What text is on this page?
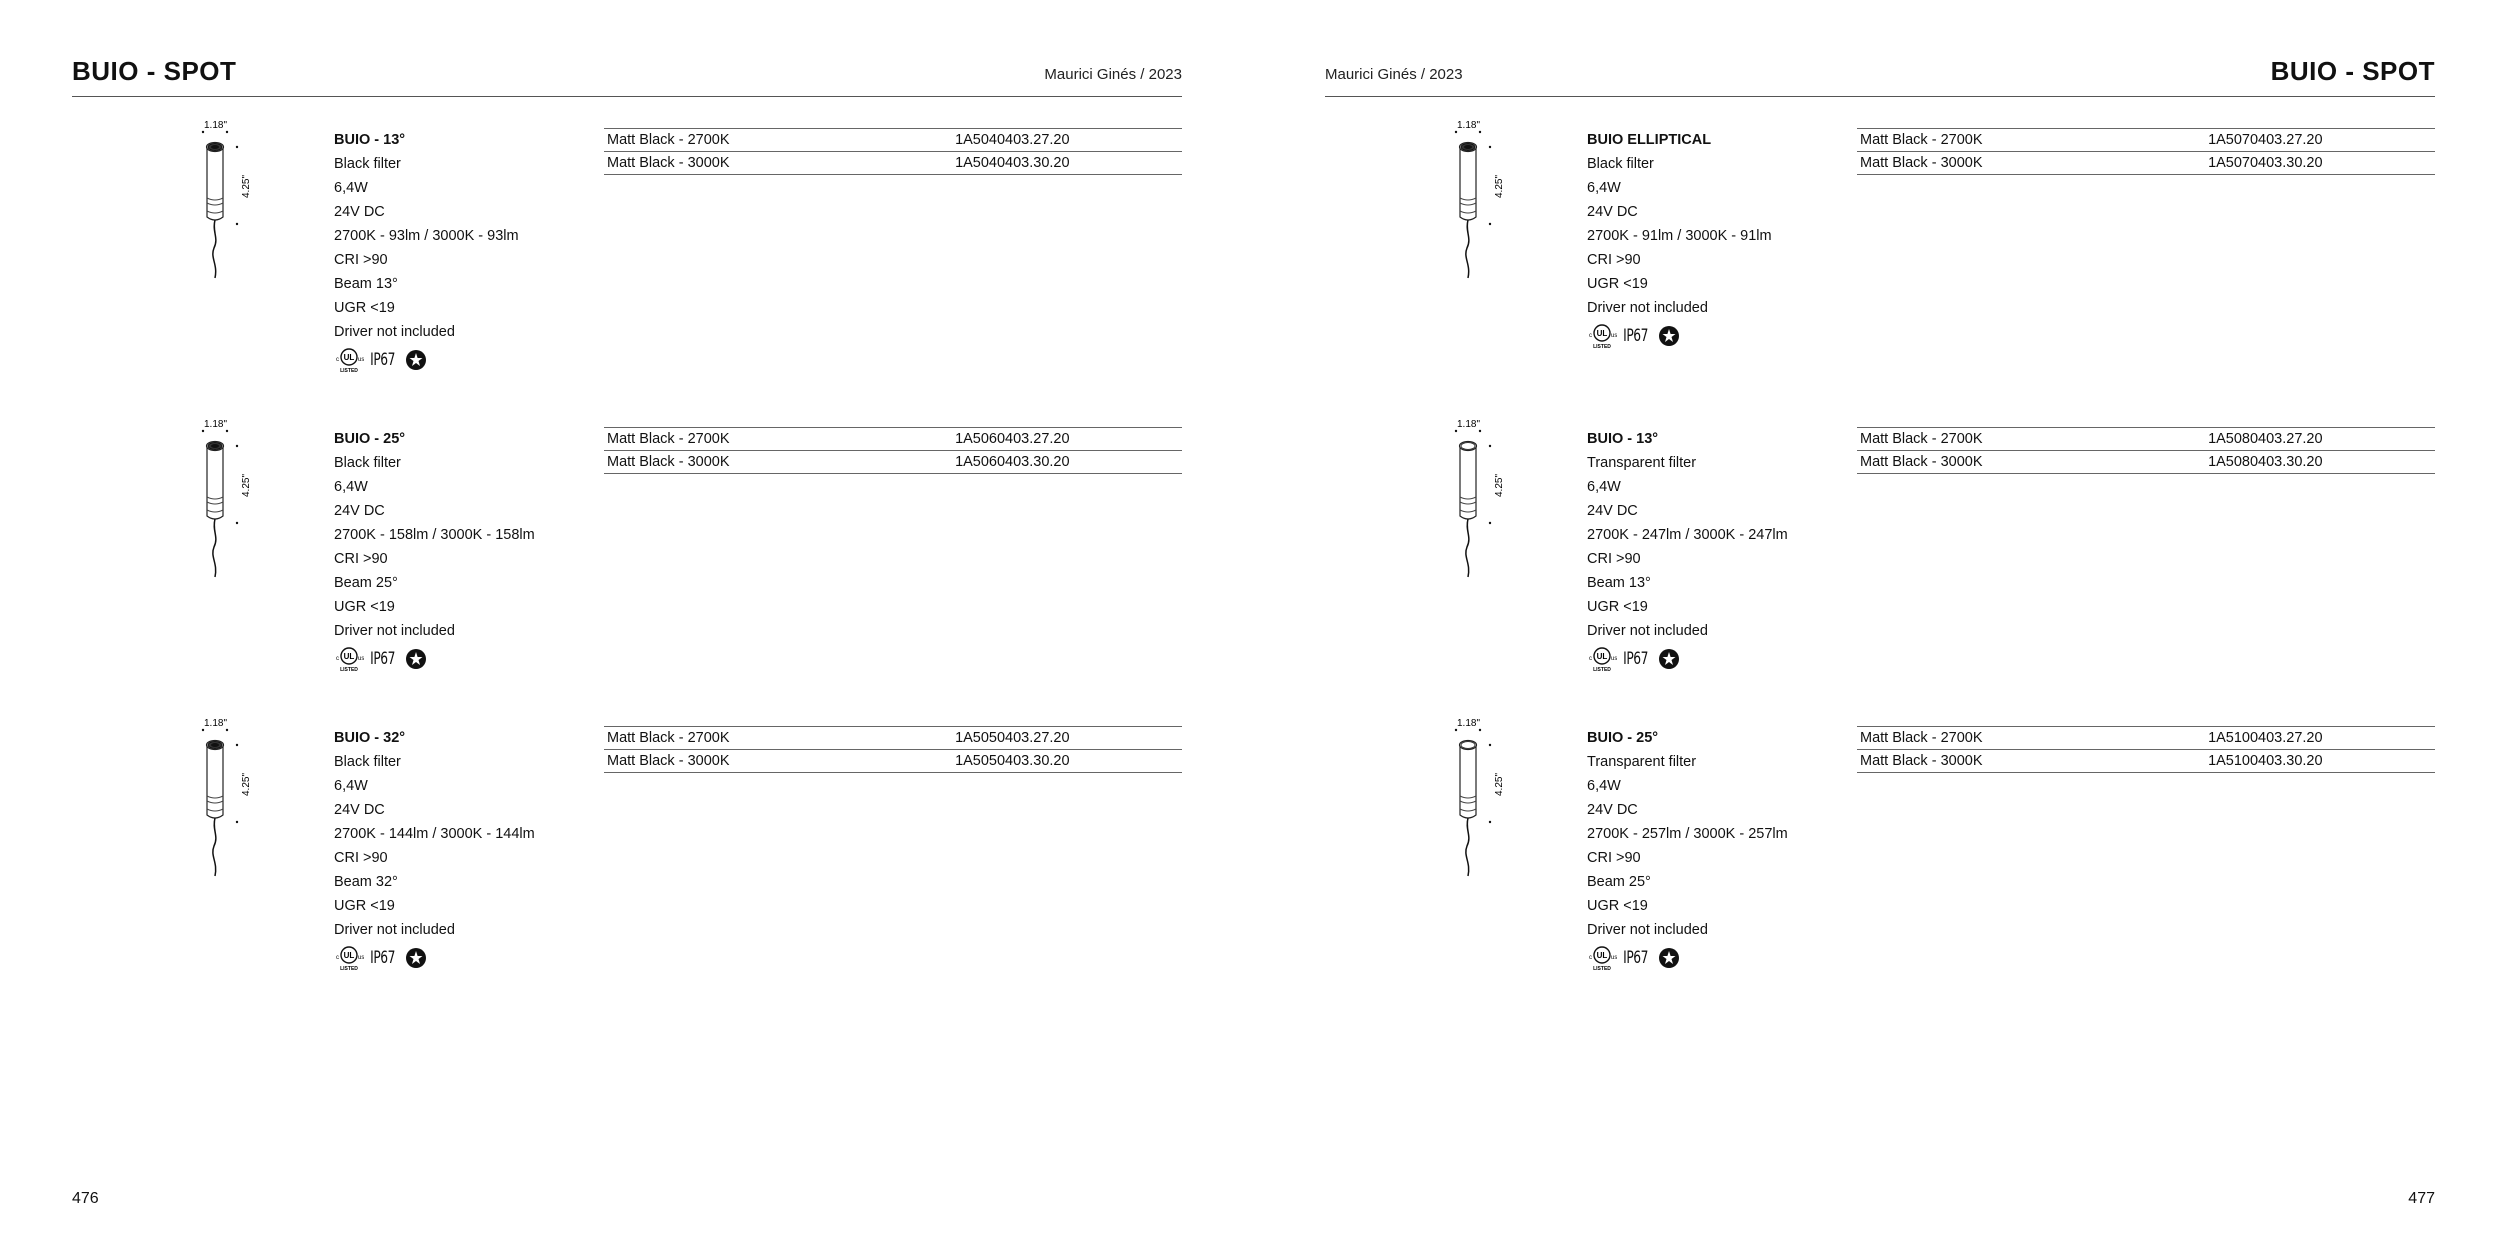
BUIO - SPOT	Maurici Ginés / 2023
1.18"
4.25"
BUIO - 13°
Black filter
6,4W
24V DC
2700K - 93lm / 3000K - 93lm
CRI >90
Beam 13°
UGR <19
Driver not included
UL
c	us
LISTED
IP67
Matt Black - 2700K	1A5040403.27.20
Matt Black - 3000K	1A5040403.30.20
1.18"
4.25"
BUIO - 25°
Black filter
6,4W
24V DC
2700K - 158lm / 3000K - 158lm
CRI >90
Beam 25°
UGR <19
Driver not included
UL
c	us
LISTED
IP67
Matt Black - 2700K	1A5060403.27.20
Matt Black - 3000K	1A5060403.30.20
1.18"
4.25"
BUIO - 32°
Black filter
6,4W
24V DC
2700K - 144lm / 3000K - 144lm
CRI >90
Beam 32°
UGR <19
Driver not included
UL
c	us
LISTED
IP67
Matt Black - 2700K	1A5050403.27.20
Matt Black - 3000K	1A5050403.30.20
476
BUIO - SPOT
Maurici Ginés / 2023
1.18"
4.25"
BUIO ELLIPTICAL
Black filter
6,4W
24V DC
2700K - 91lm / 3000K - 91lm
CRI >90
UGR <19
Driver not included
UL
c	us
LISTED
IP67
Matt Black - 2700K	1A5070403.27.20
Matt Black - 3000K	1A5070403.30.20
1.18"
4.25"
BUIO - 13°
Transparent filter
6,4W
24V DC
2700K - 247lm / 3000K - 247lm
CRI >90
Beam 13°
UGR <19
Driver not included
UL
c	us
LISTED
IP67
Matt Black - 2700K	1A5080403.27.20
Matt Black - 3000K	1A5080403.30.20
1.18"
4.25"
BUIO - 25°
Transparent filter
6,4W
24V DC
2700K - 257lm / 3000K - 257lm
CRI >90
Beam 25°
UGR <19
Driver not included
UL
c	us
LISTED
IP67
Matt Black - 2700K	1A5100403.27.20
Matt Black - 3000K	1A5100403.30.20
477
